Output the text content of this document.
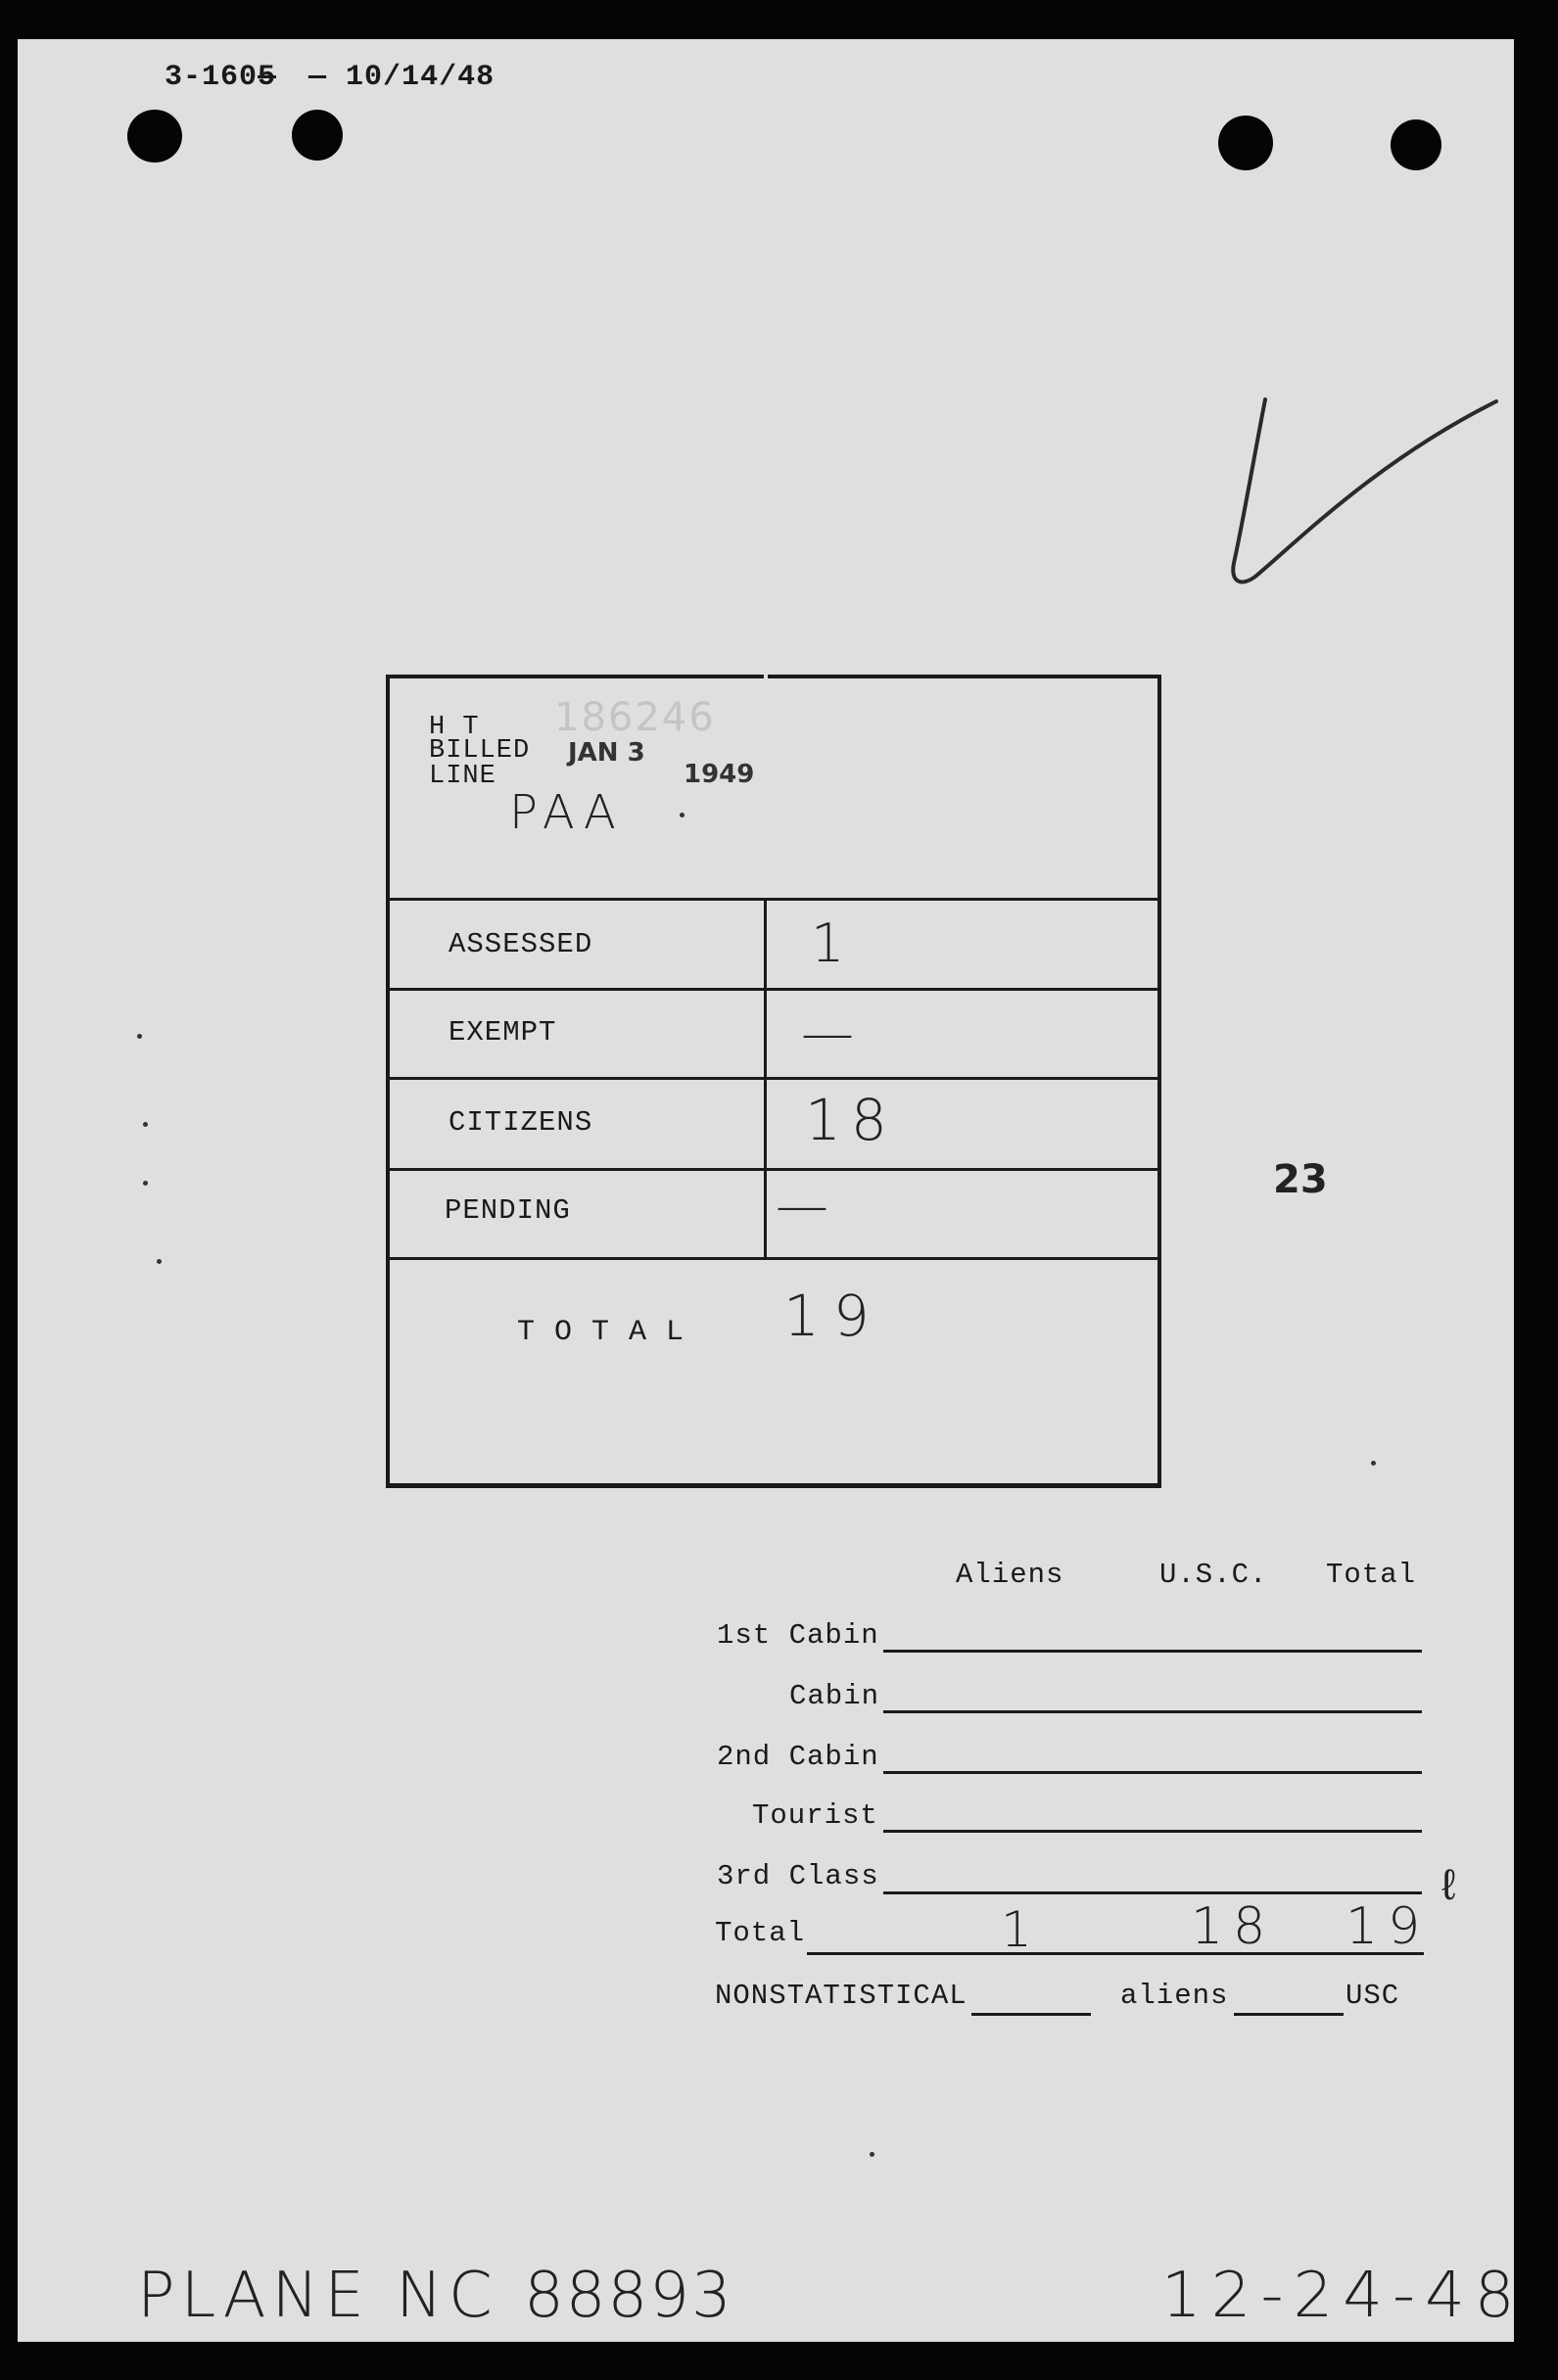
3-1605 — 10/14/48
H T 186246
BILLED JAN 3
1949
LINE
PAA
ASSESSED	1
EXEMPT	—
CITIZENS	18
PENDING	—
T O T A L 19
23
Aliens	U.S.C. Total
1st Cabin
Cabin
2nd Cabin
Tourist
3rd Class	ℓ
Total	1	18 19
NONSTATISTICAL	aliens	USC
PLANE NC 88893	12-24-48
